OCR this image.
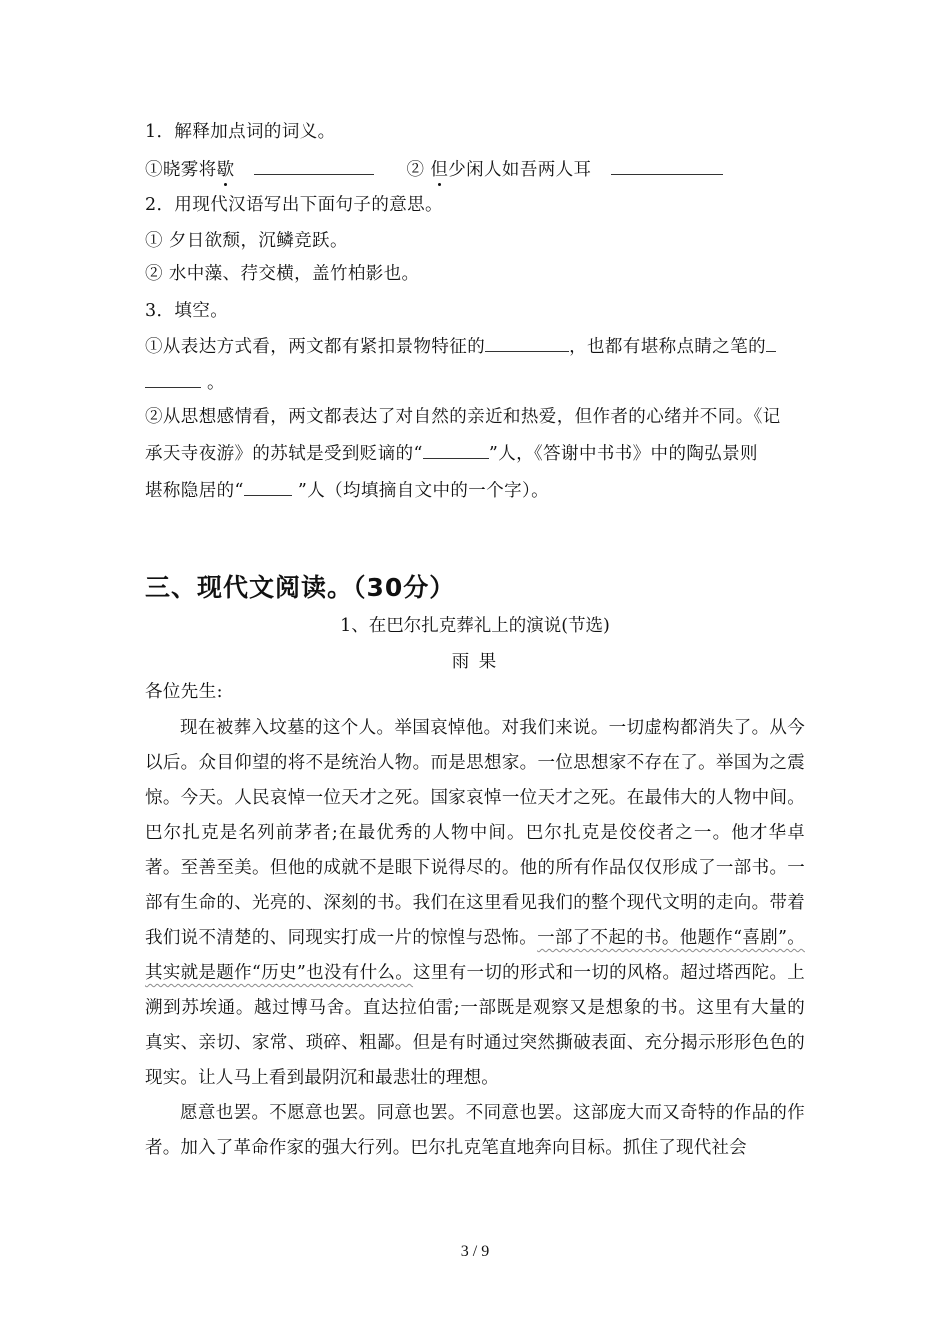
1．解释加点词的词义。
①晓雾将歇	② 但少闲人如吾两人耳
2．用现代汉语写出下面句子的意思。
① 夕日欲颓，沉鳞竞跃。
② 水中藻、荇交横，盖竹柏影也。
3．填空。
①从表达方式看，两文都有紧扣景物特征的	，也都有堪称点睛之笔的
。
②从思想感情看，两文都表达了对自然的亲近和热爱，但作者的心绪并不同。《记
承天寺夜游》的苏轼是受到贬谪的“	”人，《答谢中书书》中的陶弘景则
堪称隐居的“	”人（均填摘自文中的一个字）。
三、现代文阅读。（30分）
1、在巴尔扎克葬礼上的演说(节选)
雨 果
各位先生:

现在被葬入坟墓的这个人。举国哀悼他。对我们来说。一切虚构都消失了。从今以后。众目仰望的将不是统治人物。而是思想家。一位思想家不存在了。举国为之震惊。今天。人民哀悼一位天才之死。国家哀悼一位天才之死。在最伟大的人物中间。巴尔扎克是名列前茅者;在最优秀的人物中间。巴尔扎克是佼佼者之一。他才华卓著。至善至美。但他的成就不是眼下说得尽的。他的所有作品仅仅形成了一部书。一部有生命的、光亮的、深刻的书。我们在这里看见我们的整个现代文明的走向。带着我们说不清楚的、同现实打成一片的惊惶与恐怖。一部了不起的书。他题作“喜剧”。其实就是题作“历史”也没有什么。这里有一切的形式和一切的风格。超过塔西陀。上溯到苏埃通。越过博马舍。直达拉伯雷;一部既是观察又是想象的书。这里有大量的真实、亲切、家常、琐碎、粗鄙。但是有时通过突然撕破表面、充分揭示形形色色的现实。让人马上看到最阴沉和最悲壮的理想。

愿意也罢。不愿意也罢。同意也罢。不同意也罢。这部庞大而又奇特的作品的作者。加入了革命作家的强大行列。巴尔扎克笔直地奔向目标。抓住了现代社会

3 / 9
